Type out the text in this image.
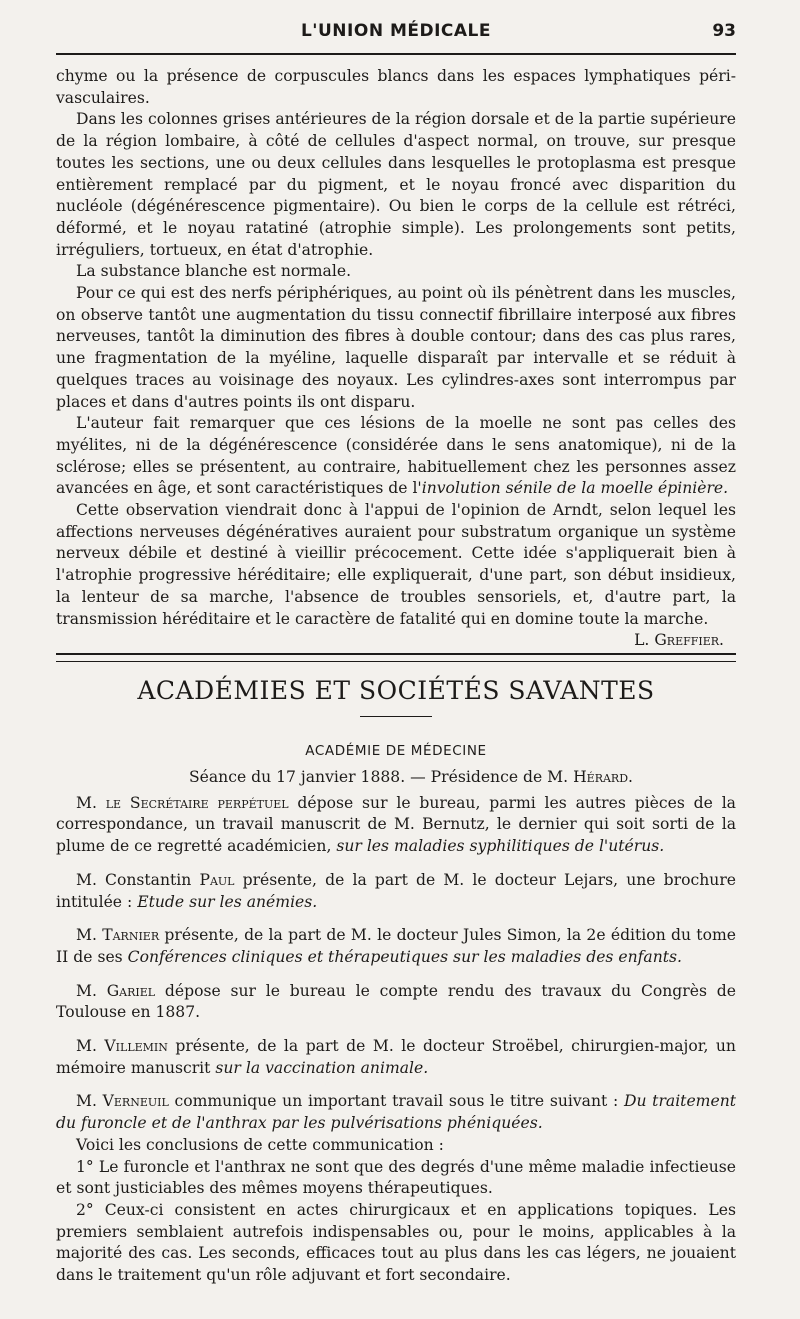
L'UNION MÉDICALE	93

chyme ou la présence de corpuscules blancs dans les espaces lymphatiques péri-vasculaires.

Dans les colonnes grises antérieures de la région dorsale et de la partie supérieure de la région lombaire, à côté de cellules d'aspect normal, on trouve, sur presque toutes les sections, une ou deux cellules dans lesquelles le protoplasma est presque entièrement remplacé par du pigment, et le noyau froncé avec disparition du nucléole (dégénérescence pigmentaire). Ou bien le corps de la cellule est rétréci, déformé, et le noyau ratatiné (atrophie simple). Les prolongements sont petits, irréguliers, tortueux, en état d'atrophie.

La substance blanche est normale.

Pour ce qui est des nerfs périphériques, au point où ils pénètrent dans les muscles, on observe tantôt une augmentation du tissu connectif fibrillaire interposé aux fibres nerveuses, tantôt la diminution des fibres à double contour; dans des cas plus rares, une fragmentation de la myéline, laquelle disparaît par intervalle et se réduit à quelques traces au voisinage des noyaux. Les cylindres-axes sont interrompus par places et dans d'autres points ils ont disparu.

L'auteur fait remarquer que ces lésions de la moelle ne sont pas celles des myélites, ni de la dégénérescence (considérée dans le sens anatomique), ni de la sclérose; elles se présentent, au contraire, habituellement chez les personnes assez avancées en âge, et sont caractéristiques de l'involution sénile de la moelle épinière.

Cette observation viendrait donc à l'appui de l'opinion de Arndt, selon lequel les affections nerveuses dégénératives auraient pour substratum organique un système nerveux débile et destiné à vieillir précocement. Cette idée s'appliquerait bien à l'atrophie progressive héréditaire; elle expliquerait, d'une part, son début insidieux, la lenteur de sa marche, l'absence de troubles sensoriels, et, d'autre part, la transmission héréditaire et le caractère de fatalité qui en domine toute la marche.

L. Greffier.

ACADÉMIES ET SOCIÉTÉS SAVANTES
ACADÉMIE DE MÉDECINE

Séance du 17 janvier 1888. — Présidence de M. Hérard.

M. le Secrétaire perpétuel dépose sur le bureau, parmi les autres pièces de la correspondance, un travail manuscrit de M. Bernutz, le dernier qui soit sorti de la plume de ce regretté académicien, sur les maladies syphilitiques de l'utérus.

M. Constantin Paul présente, de la part de M. le docteur Lejars, une brochure intitulée : Etude sur les anémies.

M. Tarnier présente, de la part de M. le docteur Jules Simon, la 2e édition du tome II de ses Conférences cliniques et thérapeutiques sur les maladies des enfants.

M. Gariel dépose sur le bureau le compte rendu des travaux du Congrès de Toulouse en 1887.

M. Villemin présente, de la part de M. le docteur Stroëbel, chirurgien-major, un mémoire manuscrit sur la vaccination animale.

M. Verneuil communique un important travail sous le titre suivant : Du traitement du furoncle et de l'anthrax par les pulvérisations phéniquées.

Voici les conclusions de cette communication :

1° Le furoncle et l'anthrax ne sont que des degrés d'une même maladie infectieuse et sont justiciables des mêmes moyens thérapeutiques.

2° Ceux-ci consistent en actes chirurgicaux et en applications topiques. Les premiers semblaient autrefois indispensables ou, pour le moins, applicables à la majorité des cas. Les seconds, efficaces tout au plus dans les cas légers, ne jouaient dans le traitement qu'un rôle adjuvant et fort secondaire.
